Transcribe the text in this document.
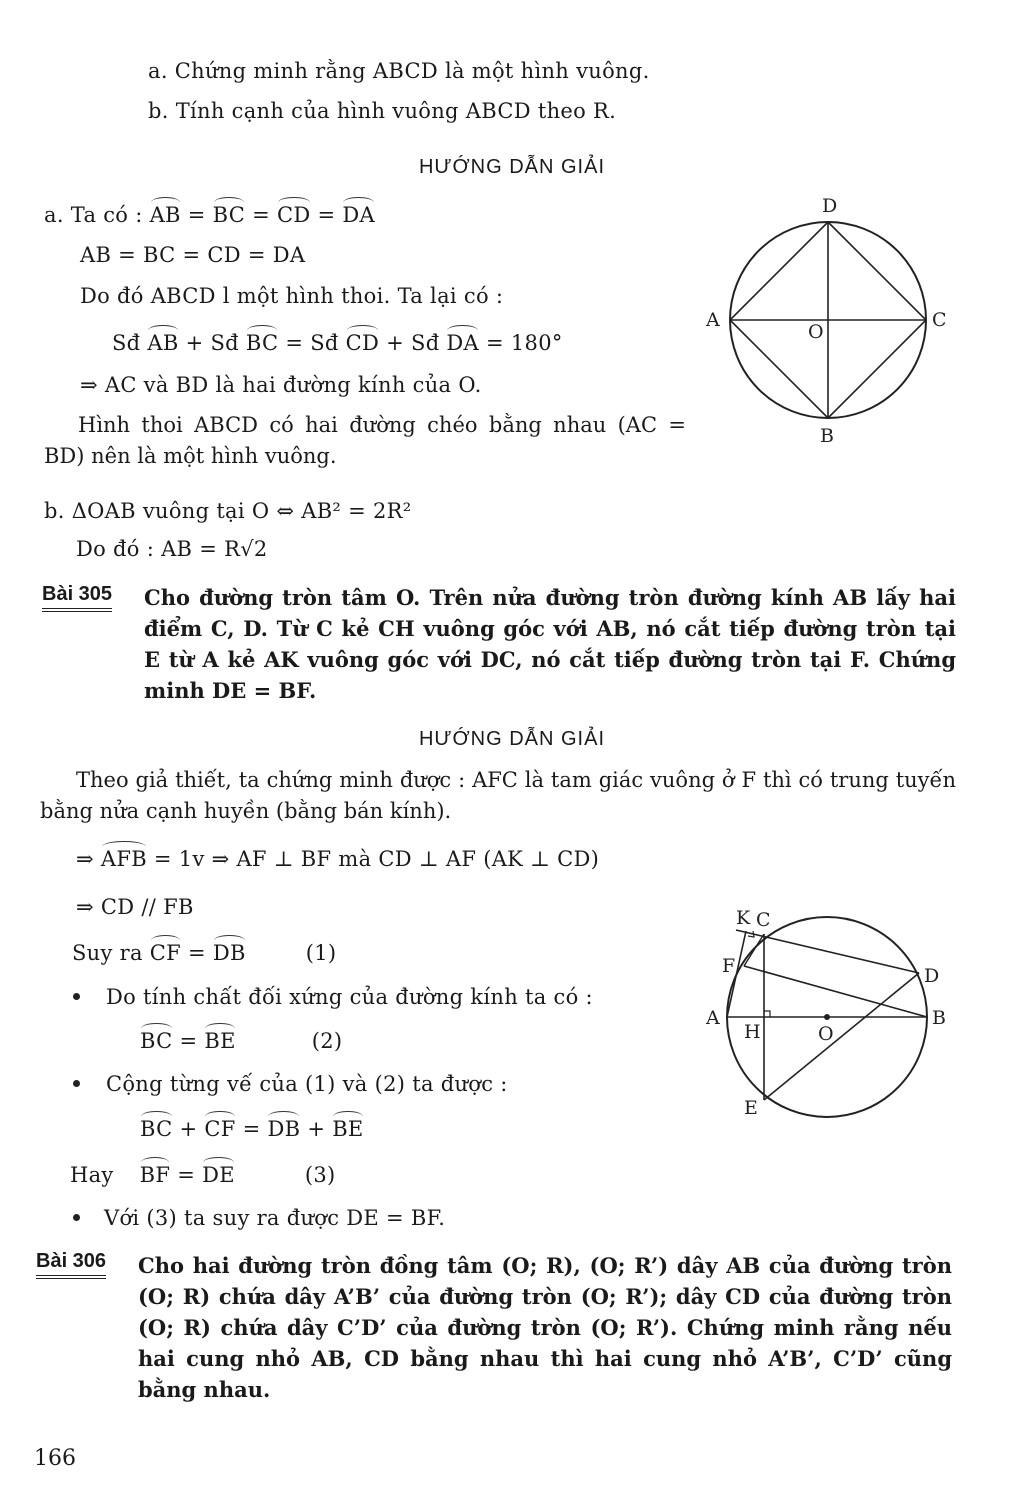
a. Chứng minh rằng ABCD là một hình vuông.
b. Tính cạnh của hình vuông ABCD theo R.
HƯỚNG DẪN GIẢI
a. Ta có : AB = BC = CD = DA
AB = BC = CD = DA
Do đó ABCD l một hình thoi. Ta lại có :
Sđ AB + Sđ BC = Sđ CD + Sđ DA = 180°
⇒ AC và BD là hai đường kính của O.
Hình thoi ABCD có hai đường chéo bằng nhau (AC = BD) nên là một hình vuông.
b. ΔOAB vuông tại O ⇔ AB² = 2R²
Do đó : AB = R√2
D
A
O
C
B
Bài 305 Cho đường tròn tâm O. Trên nửa đường tròn đường kính AB lấy hai điểm C, D. Từ C kẻ CH vuông góc với AB, nó cắt tiếp đường tròn tại E từ A kẻ AK vuông góc với DC, nó cắt tiếp đường tròn tại F. Chứng minh DE = BF.
HƯỚNG DẪN GIẢI
Theo giả thiết, ta chứng minh được : AFC là tam giác vuông ở F thì có trung tuyến bằng nửa cạnh huyền (bằng bán kính).
⇒ AFB = 1v ⇒ AF ⊥ BF mà CD ⊥ AF (AK ⊥ CD)
⇒ CD // FB
Suy ra CF = DB	(1)
Do tính chất đối xứng của đường kính ta có :
BC = BE	(2)
Cộng từng vế của (1) và (2) ta được :
BC + CF = DB + BE
Hay BF = DE	(3)
Với (3) ta suy ra được DE = BF.
K C
F	D
A
H	O
B
E
Bài 306 Cho hai đường tròn đồng tâm (O; R), (O; R’) dây AB của đường tròn (O; R) chứa dây A’B’ của đường tròn (O; R’); dây CD của đường tròn (O; R) chứa dây C’D’ của đường tròn (O; R’). Chứng minh rằng nếu hai cung nhỏ AB, CD bằng nhau thì hai cung nhỏ A’B’, C’D’ cũng bằng nhau.
166
